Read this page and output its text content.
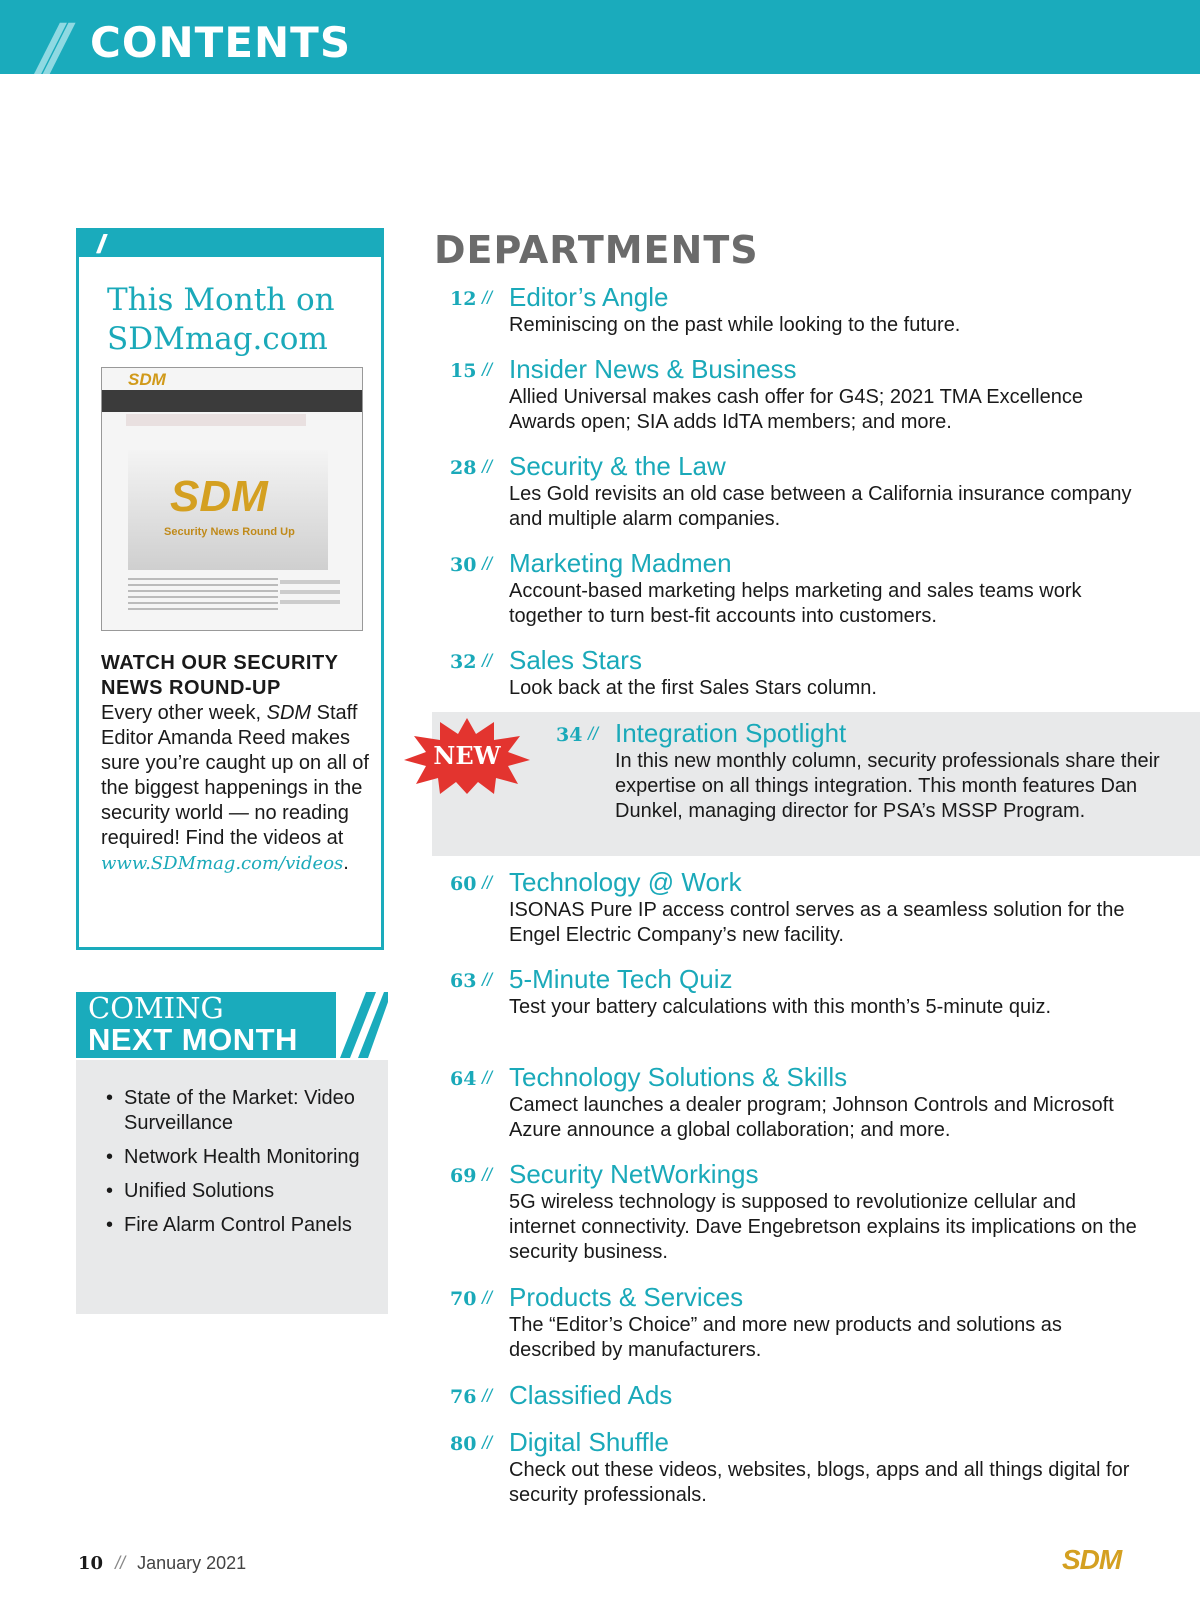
// CONTENTS
//
This Month on SDMmag.com
SDM
SDM
Security News Round Up
WATCH OUR SECURITY NEWS ROUND-UP
Every other week, SDM Staff Editor Amanda Reed makes sure you’re caught up on all of the biggest happenings in the security world — no reading required! Find the videos at www.SDMmag.com/videos.
COMING
NEXT MONTH
• State of the Market: Video Surveillance
• Network Health Monitoring
• Unified Solutions
• Fire Alarm Control Panels
DEPARTMENTS
NEW
12 // Editor’s Angle
Reminiscing on the past while looking to the future.
15 // Insider News & Business
Allied Universal makes cash offer for G4S; 2021 TMA Excellence Awards open; SIA adds IdTA members; and more.
28 // Security & the Law
Les Gold revisits an old case between a California insurance company and multiple alarm companies.
30 // Marketing Madmen
Account-based marketing helps marketing and sales teams work together to turn best-fit accounts into customers.
32 // Sales Stars
Look back at the first Sales Stars column.
34 // Integration Spotlight
In this new monthly column, security professionals share their expertise on all things integration. This month features Dan Dunkel, managing director for PSA’s MSSP Program.
60 // Technology @ Work
ISONAS Pure IP access control serves as a seamless solution for the Engel Electric Company’s new facility.
63 // 5-Minute Tech Quiz
Test your battery calculations with this month’s 5-minute quiz.
64 // Technology Solutions & Skills
Camect launches a dealer program; Johnson Controls and Microsoft Azure announce a global collaboration; and more.
69 // Security NetWorkings
5G wireless technology is supposed to revolutionize cellular and internet connectivity. Dave Engebretson explains its implications on the security business.
70 // Products & Services
The “Editor’s Choice” and more new products and solutions as described by manufacturers.
76 // Classified Ads
80 // Digital Shuffle
Check out these videos, websites, blogs, apps and all things digital for security professionals.
10 // January 2021	SDM
